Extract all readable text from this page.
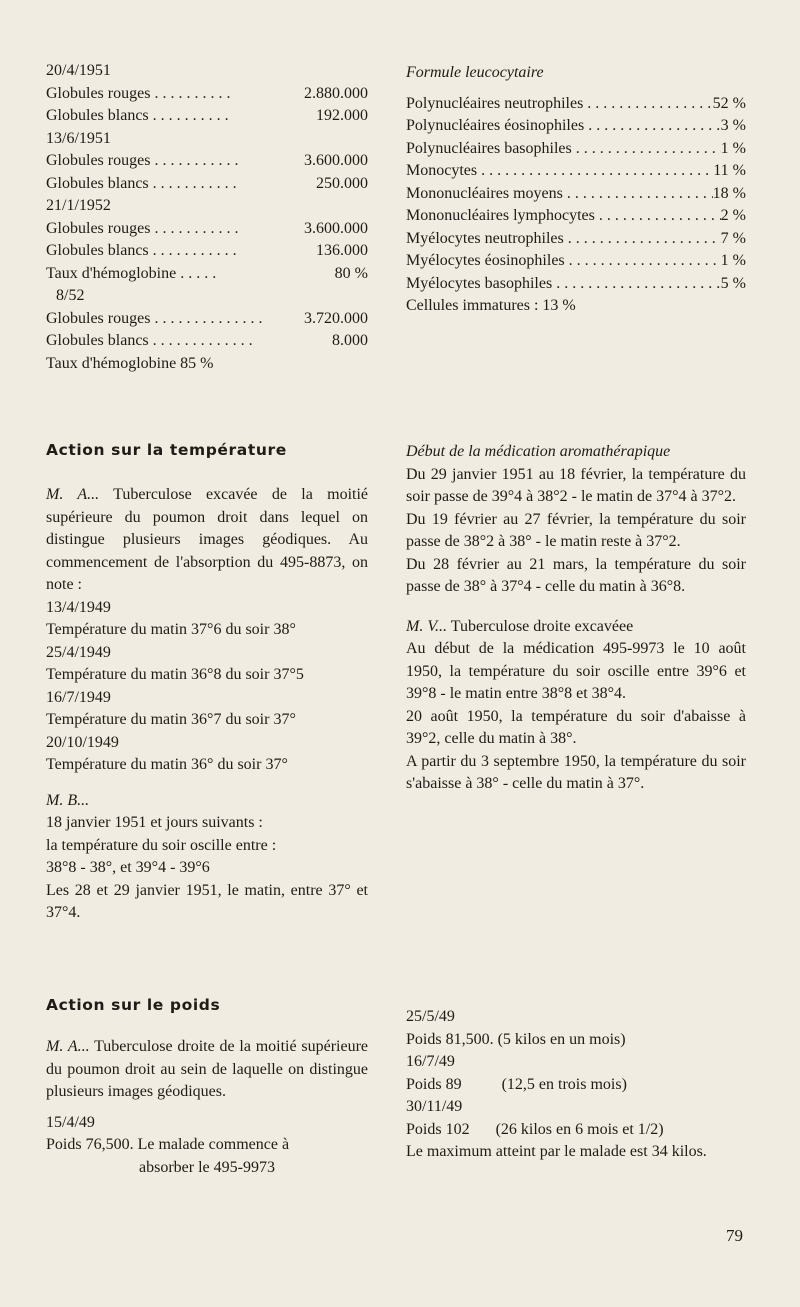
20/4/1951
Globules rouges . . .	2.880.000
Globules blancs . . .	192.000
13/6/1951
Globules rouges . . .	3.600.000
Globules blancs . . .	250.000
21/1/1952
Globules rouges . . .	3.600.000
Globules blancs . . .	136.000
Taux d'hémoglobine . . .	80 %
8/52
Globules rouges . . .	3.720.000
Globules blancs . . .	8.000
Taux d'hémoglobine 85 %
Formule leucocytaire
Polynucléaires neutrophiles . . .	52 %
Polynucléaires éosinophiles . . .	3 %
Polynucléaires basophiles . . .	1 %
Monocytes . . .	11 %
Mononucléaires moyens . . .	18 %
Mononucléaires lymphocytes . . .	2 %
Myélocytes neutrophiles . . .	7 %
Myélocytes éosinophiles . . .	1 %
Myélocytes basophiles . . .	5 %
Cellules immatures : 13 %
Action sur la température

M. A... Tuberculose excavée de la moitié supérieure du poumon droit dans lequel on distingue plusieurs images géodiques. Au commencement de l'absorption du 495-8873, on note :

13/4/1949
Température du matin 37°6 du soir 38°
25/4/1949
Température du matin 36°8 du soir 37°5
16/7/1949
Température du matin 36°7 du soir 37°
20/10/1949
Température du matin 36° du soir 37°
M. B...
18 janvier 1951 et jours suivants :
la température du soir oscille entre :
38°8 - 38°, et 39°4 - 39°6

Les 28 et 29 janvier 1951, le matin, entre 37° et 37°4.

Début de la médication aromathérapique

Du 29 janvier 1951 au 18 février, la température du soir passe de 39°4 à 38°2 - le matin de 37°4 à 37°2.

Du 19 février au 27 février, la température du soir passe de 38°2 à 38° - le matin reste à 37°2.

Du 28 février au 21 mars, la température du soir passe de 38° à 37°4 - celle du matin à 36°8.

M. V... Tuberculose droite excavéee

Au début de la médication 495-9973 le 10 août 1950, la température du soir oscille entre 39°6 et 39°8 - le matin entre 38°8 et 38°4.

20 août 1950, la température du soir d'abaisse à 39°2, celle du matin à 38°.

A partir du 3 septembre 1950, la température du soir s'abaisse à 38° - celle du matin à 37°.

Action sur le poids

M. A... Tuberculose droite de la moitié supérieure du poumon droit au sein de laquelle on distingue plusieurs images géodiques.

15/4/49
Poids 76,500. Le malade commence à
absorber le 495-9973
25/5/49
Poids 81,500. (5 kilos en un mois)
16/7/49
Poids 89	(12,5 en trois mois)
30/11/49
Poids 102 (26 kilos en 6 mois et 1/2)
Le maximum atteint par le malade est 34 kilos.
79
